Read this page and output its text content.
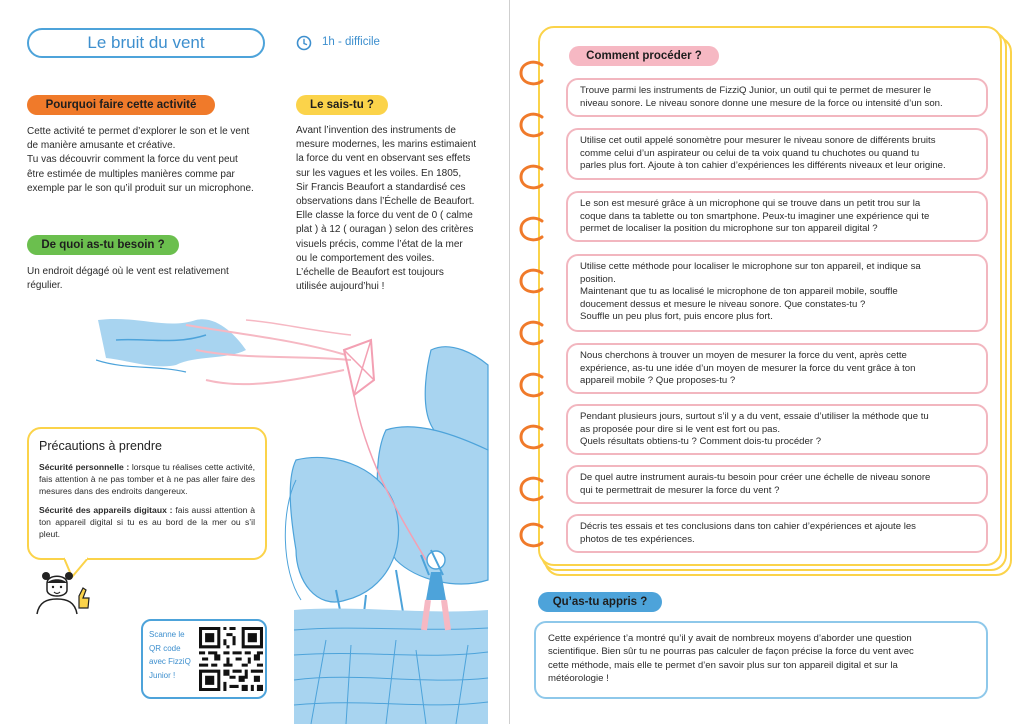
Le bruit du vent	1h - difficile
Pourquoi faire cette activité
Cette activité te permet d’explorer le son et le vent
de manière amusante et créative.
Tu vas découvrir comment la force du vent peut
être estimée de multiples manières comme par
exemple par le son qu’il produit sur un microphone.
De quoi as-tu besoin ?
Un endroit dégagé où le vent est relativement
régulier.
Le sais-tu ?
Avant l’invention des instruments de
mesure modernes, les marins estimaient
la force du vent en observant ses effets
sur les vagues et les voiles. En 1805,
Sir Francis Beaufort a standardisé ces
observations dans l’Échelle de Beaufort.
Elle classe la force du vent de 0 ( calme
plat ) à 12 ( ouragan ) selon des critères
visuels précis, comme l’état de la mer
ou le comportement des voiles.
L’échelle de Beaufort est toujours
utilisée aujourd’hui !
Précautions à prendre
Sécurité personnelle : lorsque tu réalises cette activité, fais attention à ne pas tomber et à ne pas aller faire des mesures dans des endroits dangereux.
Sécurité des appareils digitaux : fais aussi attention à ton appareil digital si tu es au bord de la mer ou s’il pleut.
Scanne le
QR code
avec FizziQ
Junior !
Comment procéder ?
Trouve parmi les instruments de FizziQ Junior, un outil qui te permet de mesurer le
niveau sonore. Le niveau sonore donne une mesure de la force ou intensité d’un son.
Utilise cet outil appelé sonomètre pour mesurer le niveau sonore de différents bruits
comme celui d’un aspirateur ou celui de ta voix quand tu chuchotes ou quand tu
parles plus fort. Ajoute à ton cahier d’expériences les différents niveaux et leur origine.
Le son est mesuré grâce à un microphone qui se trouve dans un petit trou sur la
coque dans ta tablette ou ton smartphone. Peux-tu imaginer une expérience qui te
permet de localiser la position du microphone sur ton appareil digital ?
Utilise cette méthode pour localiser le microphone sur ton appareil, et indique sa
position.
Maintenant que tu as localisé le microphone de ton appareil mobile, souffle
doucement dessus et mesure le niveau sonore. Que constates-tu ?
Souffle un peu plus fort, puis encore plus fort.
Nous cherchons à trouver un moyen de mesurer la force du vent, après cette
expérience, as-tu une idée d’un moyen de mesurer la force du vent grâce à ton
appareil mobile ? Que proposes-tu ?
Pendant plusieurs jours, surtout s’il y a du vent, essaie d’utiliser la méthode que tu
as proposée pour dire si le vent est fort ou pas.
Quels résultats obtiens-tu ? Comment dois-tu procéder ?
De quel autre instrument aurais-tu besoin pour créer une échelle de niveau sonore
qui te permettrait de mesurer la force du vent ?
Décris tes essais et tes conclusions dans ton cahier d’expériences et ajoute les
photos de tes expériences.
Qu’as-tu appris ?
Cette expérience t’a montré qu’il y avait de nombreux moyens d’aborder une question
scientifique. Bien sûr tu ne pourras pas calculer de façon précise la force du vent avec
cette méthode, mais elle te permet d’en savoir plus sur ton appareil digital et sur la
météorologie !
